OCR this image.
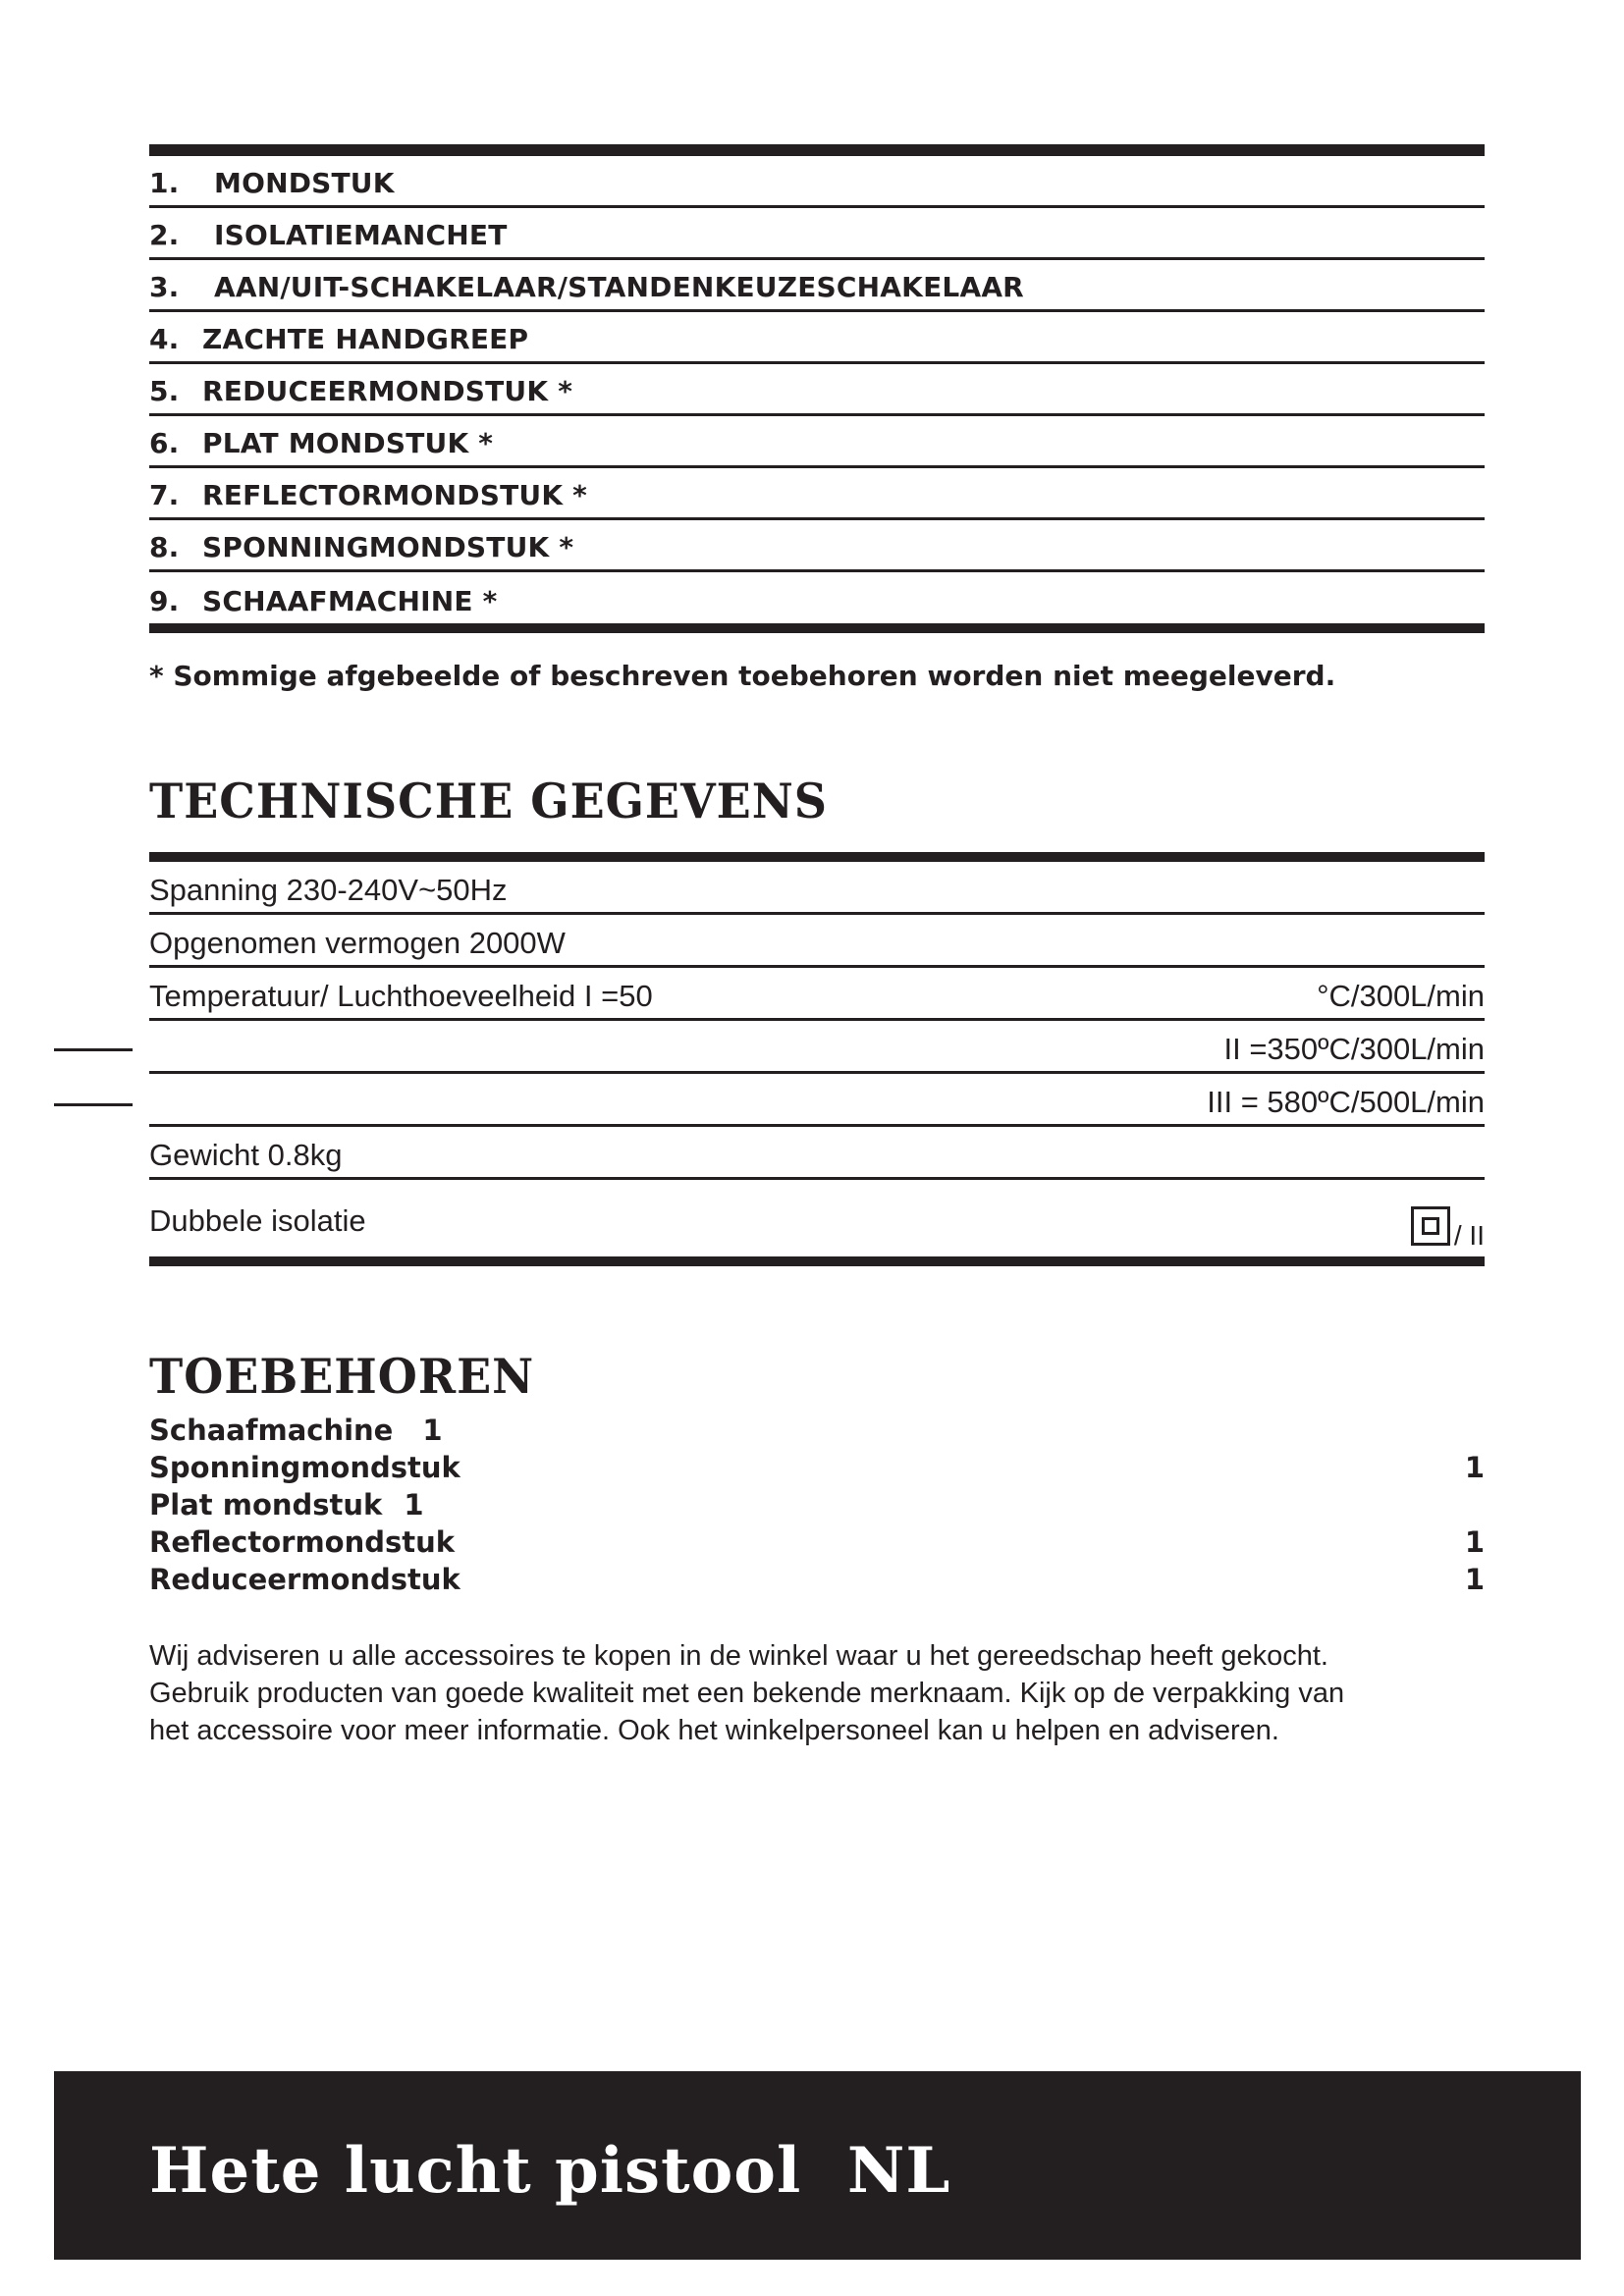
1.	MONDSTUK
2.	ISOLATIEMANCHET
3.	AAN/UIT-SCHAKELAAR/STANDENKEUZESCHAKELAAR
4. ZACHTE HANDGREEP
5. REDUCEERMONDSTUK *
6. PLAT MONDSTUK *
7. REFLECTORMONDSTUK *
8. SPONNINGMONDSTUK *
9. SCHAAFMACHINE *
* Sommige afgebeelde of beschreven toebehoren worden niet meegeleverd.
TECHNISCHE GEGEVENS
Spanning 230-240V~50Hz
Opgenomen vermogen 2000W
Temperatuur/ Luchthoeveelheid I =50	°C/300L/min
II =350ºC/300L/min
III = 580ºC/500L/min
Gewicht 0.8kg
Dubbele isolatie	/ II
TOEBEHOREN
Schaafmachine 1
Sponningmondstuk	1
Plat mondstuk 1
Reflectormondstuk	1
Reduceermondstuk	1
Wij adviseren u alle accessoires te kopen in de winkel waar u het gereedschap heeft gekocht.
Gebruik producten van goede kwaliteit met een bekende merknaam. Kijk op de verpakking van
het accessoire voor meer informatie. Ook het winkelpersoneel kan u helpen en adviseren.
Hete lucht pistool NL
